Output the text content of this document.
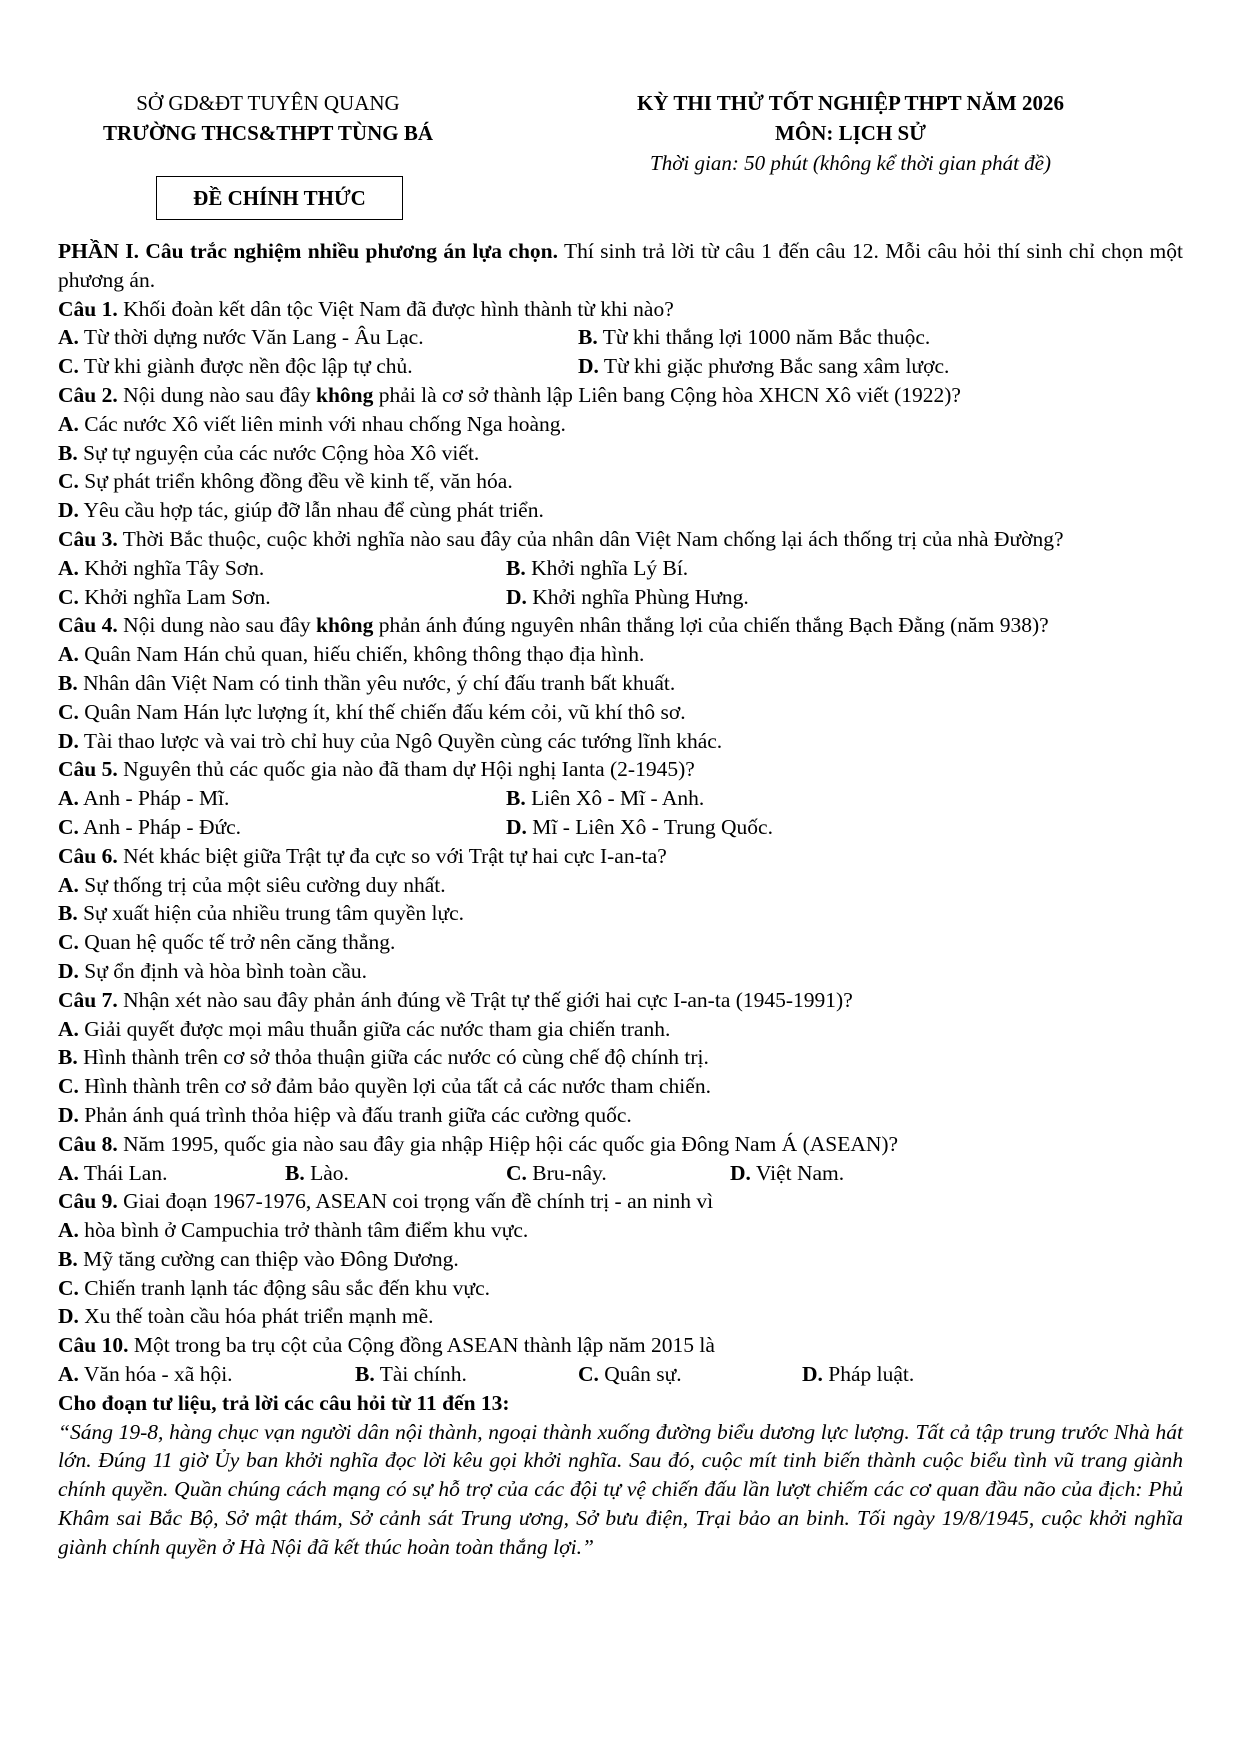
SỞ GD&ĐT TUYÊN QUANG
TRƯỜNG THCS&THPT TÙNG BÁ
KỲ THI THỬ TỐT NGHIỆP THPT NĂM 2026
MÔN: LỊCH SỬ
Thời gian: 50 phút (không kể thời gian phát đề)
ĐỀ CHÍNH THỨC

PHẦN I. Câu trắc nghiệm nhiều phương án lựa chọn. Thí sinh trả lời từ câu 1 đến câu 12. Mỗi câu hỏi thí sinh chỉ chọn một phương án.

Câu 1. Khối đoàn kết dân tộc Việt Nam đã được hình thành từ khi nào?

A. Từ thời dựng nước Văn Lang - Âu Lạc.	B. Từ khi thắng lợi 1000 năm Bắc thuộc.
C. Từ khi giành được nền độc lập tự chủ.	D. Từ khi giặc phương Bắc sang xâm lược.

Câu 2. Nội dung nào sau đây không phải là cơ sở thành lập Liên bang Cộng hòa XHCN Xô viết (1922)?

A. Các nước Xô viết liên minh với nhau chống Nga hoàng.

B. Sự tự nguyện của các nước Cộng hòa Xô viết.

C. Sự phát triển không đồng đều về kinh tế, văn hóa.

D. Yêu cầu hợp tác, giúp đỡ lẫn nhau để cùng phát triển.

Câu 3. Thời Bắc thuộc, cuộc khởi nghĩa nào sau đây của nhân dân Việt Nam chống lại ách thống trị của nhà Đường?

A. Khởi nghĩa Tây Sơn.	B. Khởi nghĩa Lý Bí.
C. Khởi nghĩa Lam Sơn.	D. Khởi nghĩa Phùng Hưng.

Câu 4. Nội dung nào sau đây không phản ánh đúng nguyên nhân thắng lợi của chiến thắng Bạch Đằng (năm 938)?

A. Quân Nam Hán chủ quan, hiếu chiến, không thông thạo địa hình.

B. Nhân dân Việt Nam có tinh thần yêu nước, ý chí đấu tranh bất khuất.

C. Quân Nam Hán lực lượng ít, khí thế chiến đấu kém cỏi, vũ khí thô sơ.

D. Tài thao lược và vai trò chỉ huy của Ngô Quyền cùng các tướng lĩnh khác.

Câu 5. Nguyên thủ các quốc gia nào đã tham dự Hội nghị Ianta (2-1945)?

A. Anh - Pháp - Mĩ.	B. Liên Xô - Mĩ - Anh.
C. Anh - Pháp - Đức.	D. Mĩ - Liên Xô - Trung Quốc.

Câu 6. Nét khác biệt giữa Trật tự đa cực so với Trật tự hai cực I-an-ta?

A. Sự thống trị của một siêu cường duy nhất.

B. Sự xuất hiện của nhiều trung tâm quyền lực.

C. Quan hệ quốc tế trở nên căng thẳng.

D. Sự ổn định và hòa bình toàn cầu.

Câu 7. Nhận xét nào sau đây phản ánh đúng về Trật tự thế giới hai cực I-an-ta (1945-1991)?

A. Giải quyết được mọi mâu thuẫn giữa các nước tham gia chiến tranh.

B. Hình thành trên cơ sở thỏa thuận giữa các nước có cùng chế độ chính trị.

C. Hình thành trên cơ sở đảm bảo quyền lợi của tất cả các nước tham chiến.

D. Phản ánh quá trình thỏa hiệp và đấu tranh giữa các cường quốc.

Câu 8. Năm 1995, quốc gia nào sau đây gia nhập Hiệp hội các quốc gia Đông Nam Á (ASEAN)?

A. Thái Lan.	B. Lào.	C. Bru-nây.	D. Việt Nam.

Câu 9. Giai đoạn 1967-1976, ASEAN coi trọng vấn đề chính trị - an ninh vì

A. hòa bình ở Campuchia trở thành tâm điểm khu vực.

B. Mỹ tăng cường can thiệp vào Đông Dương.

C. Chiến tranh lạnh tác động sâu sắc đến khu vực.

D. Xu thế toàn cầu hóa phát triển mạnh mẽ.

Câu 10. Một trong ba trụ cột của Cộng đồng ASEAN thành lập năm 2015 là

A. Văn hóa - xã hội.	B. Tài chính.	C. Quân sự.	D. Pháp luật.

Cho đoạn tư liệu, trả lời các câu hỏi từ 11 đến 13:

“Sáng 19-8, hàng chục vạn người dân nội thành, ngoại thành xuống đường biểu dương lực lượng. Tất cả tập trung trước Nhà hát lớn. Đúng 11 giờ Ủy ban khởi nghĩa đọc lời kêu gọi khởi nghĩa. Sau đó, cuộc mít tinh biến thành cuộc biểu tình vũ trang giành chính quyền. Quần chúng cách mạng có sự hỗ trợ của các đội tự vệ chiến đấu lần lượt chiếm các cơ quan đầu não của địch: Phủ Khâm sai Bắc Bộ, Sở mật thám, Sở cảnh sát Trung ương, Sở bưu điện, Trại bảo an binh. Tối ngày 19/8/1945, cuộc khởi nghĩa giành chính quyền ở Hà Nội đã kết thúc hoàn toàn thắng lợi.”
